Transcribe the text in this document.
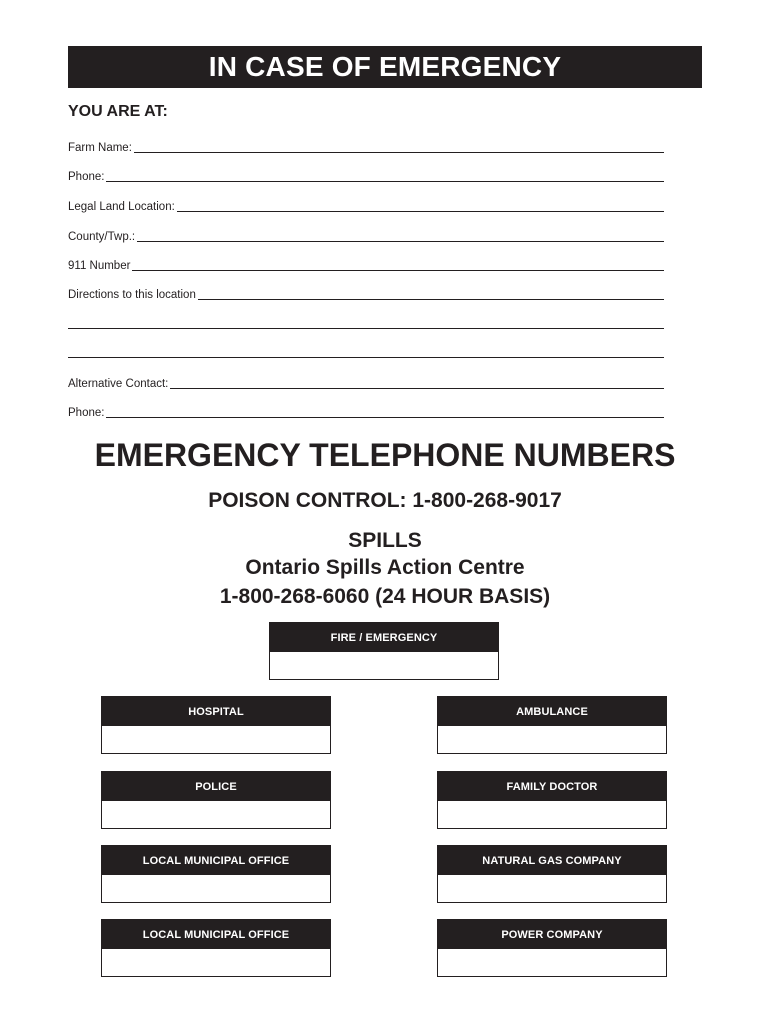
IN CASE OF EMERGENCY
YOU ARE AT:
Farm Name:
Phone:
Legal Land Location:
County/Twp.:
911 Number
Directions to this location
Alternative Contact:
Phone:
EMERGENCY TELEPHONE NUMBERS
POISON CONTROL: 1-800-268-9017
SPILLS
Ontario Spills Action Centre
1-800-268-6060 (24 HOUR BASIS)
FIRE / EMERGENCY
HOSPITAL	AMBULANCE
POLICE	FAMILY DOCTOR
LOCAL MUNICIPAL OFFICE	NATURAL GAS COMPANY
LOCAL MUNICIPAL OFFICE	POWER COMPANY
